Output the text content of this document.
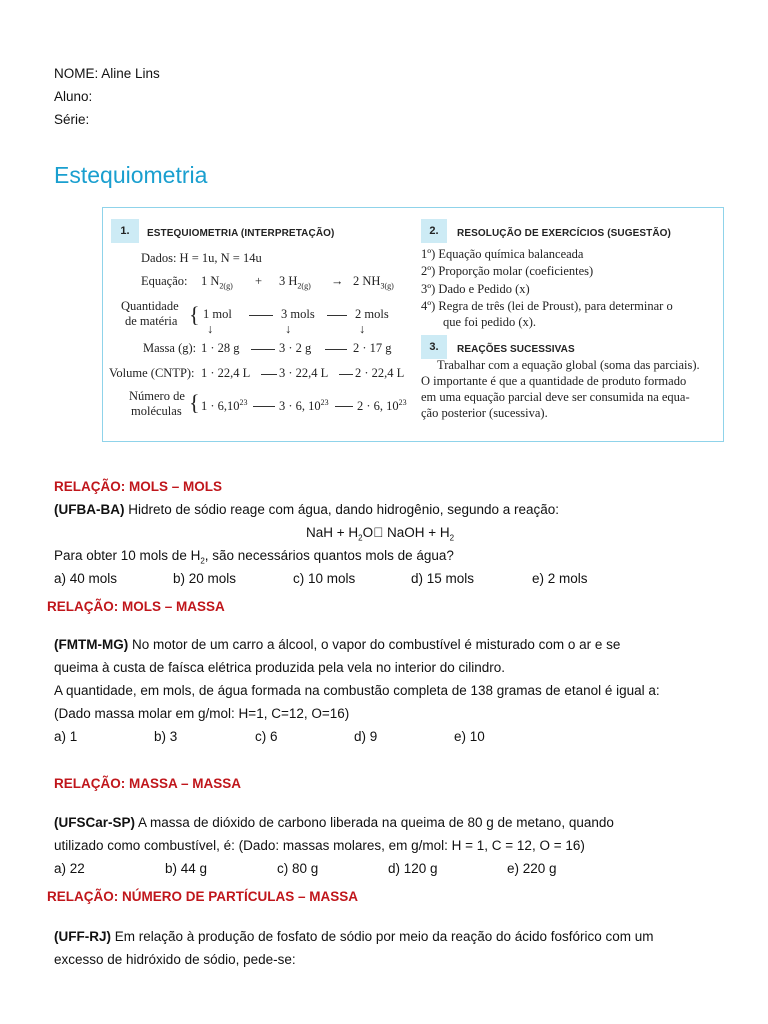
NOME: Aline Lins
Aluno:
Série:
Estequiometria
1.	ESTEQUIOMETRIA (INTERPRETAÇÃO)
Dados: H = 1u, N = 14u
Equação: 1 $N_{2(g)} + 3$ $H_{2(g)} \to 2$ $NH_{3(g)}$
Quantidade
de matéria { 1 mol	3 mols	2 mols
↓	↓	↓
Massa (g): 1 · 28 g	3 · 2 g	2 · 17 g
Volume (CNTP): 1 · 22,4 L 3 · 22,4 L 2 · 22,4 L
Número de
moléculas { $1 \cdot 6,10^{23}$	3 · 6, $10^{23}$ 2 · 6, $10^{23}$
2.	RESOLUÇÃO DE EXERCÍCIOS (SUGESTÃO)
1º) Equação química balanceada
2º) Proporção molar (coeficientes)
3º) Dado e Pedido (x)
4º) Regra de três (lei de Proust), para determinar o
que foi pedido (x).
3.	REAÇÕES SUCESSIVAS
Trabalhar com a equação global (soma das parciais).
O importante é que a quantidade de produto formado
em uma equação parcial deve ser consumida na equa-
ção posterior (sucessiva).
RELAÇÃO: MOLS – MOLS
(UFBA-BA) Hidreto de sódio reage com água, dando hidrogênio, segundo a reação:
NaH + $H_2O $ NaOH + $H_2$
Para obter 10 mols de $H_2$, são necessários quantos mols de água?
a) 40 mols	b) 20 mols	c) 10 mols	d) 15 mols	e) 2 mols
RELAÇÃO: MOLS – MASSA
(FMTM-MG) No motor de um carro a álcool, o vapor do combustível é misturado com o ar e se
queima à custa de faísca elétrica produzida pela vela no interior do cilindro.
A quantidade, em mols, de água formada na combustão completa de 138 gramas de etanol é igual a:
(Dado massa molar em g/mol: H=1, C=12, O=16)
a) 1	b) 3	c) 6	d) 9	e) 10
RELAÇÃO: MASSA – MASSA
(UFSCar-SP) A massa de dióxido de carbono liberada na queima de 80 g de metano, quando
utilizado como combustível, é: (Dado: massas molares, em g/mol: H = 1, C = 12, O = 16)
a) 22	b) 44 g	c) 80 g	d) 120 g	e) 220 g
RELAÇÃO: NÚMERO DE PARTÍCULAS – MASSA
(UFF-RJ) Em relação à produção de fosfato de sódio por meio da reação do ácido fosfórico com um
excesso de hidróxido de sódio, pede-se:
